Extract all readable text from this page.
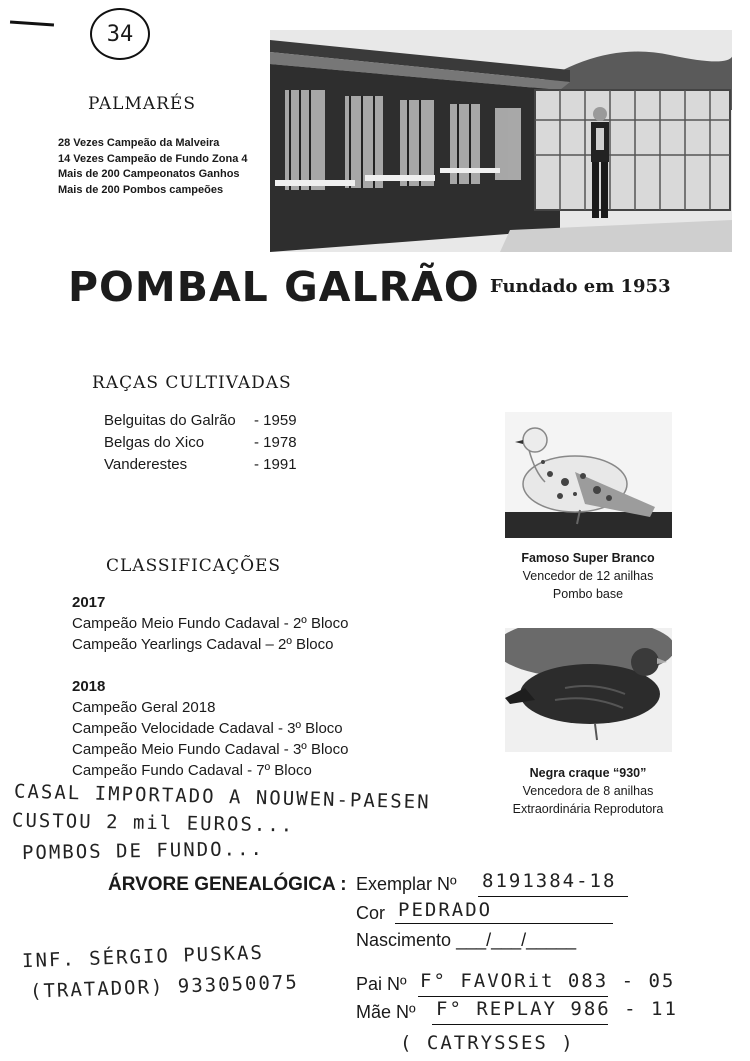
34
PALMARÉS
28 Vezes Campeão da Malveira
14 Vezes Campeão de Fundo Zona 4
Mais de 200 Campeonatos Ganhos
Mais de 200 Pombos campeões
POMBAL GALRÃO Fundado em 1953
RAÇAS CULTIVADAS
Belguitas do Galrão	- 1959
Belgas do Xico	- 1978
Vanderestes	- 1991
CLASSIFICAÇÕES
2017
Campeão Meio Fundo Cadaval - 2º Bloco
Campeão Yearlings Cadaval – 2º Bloco
2018
Campeão Geral 2018
Campeão Velocidade Cadaval - 3º Bloco
Campeão Meio Fundo Cadaval - 3º Bloco
Campeão Fundo Cadaval - 7º Bloco
Famoso Super Branco
Vencedor de 12 anilhas
Pombo base
Negra craque “930”
Vencedora de 8 anilhas
Extraordinária Reprodutora
CASAL IMPORTADO A NOUWEN-PAESEN
CUSTOU 2 mil EUROS...
POMBOS DE FUNDO...
ÁRVORE GENEALÓGICA : Exemplar Nº 8191384-18
Cor PEDRADO
Nascimento ___/___/_____
Pai Nº F° FAVORit 083 - 05
Mãe Nº F° REPLAY 986 - 11
( CATRYSSES )
INF. SÉRGIO PUSKAS
(TRATADOR) 933050075
